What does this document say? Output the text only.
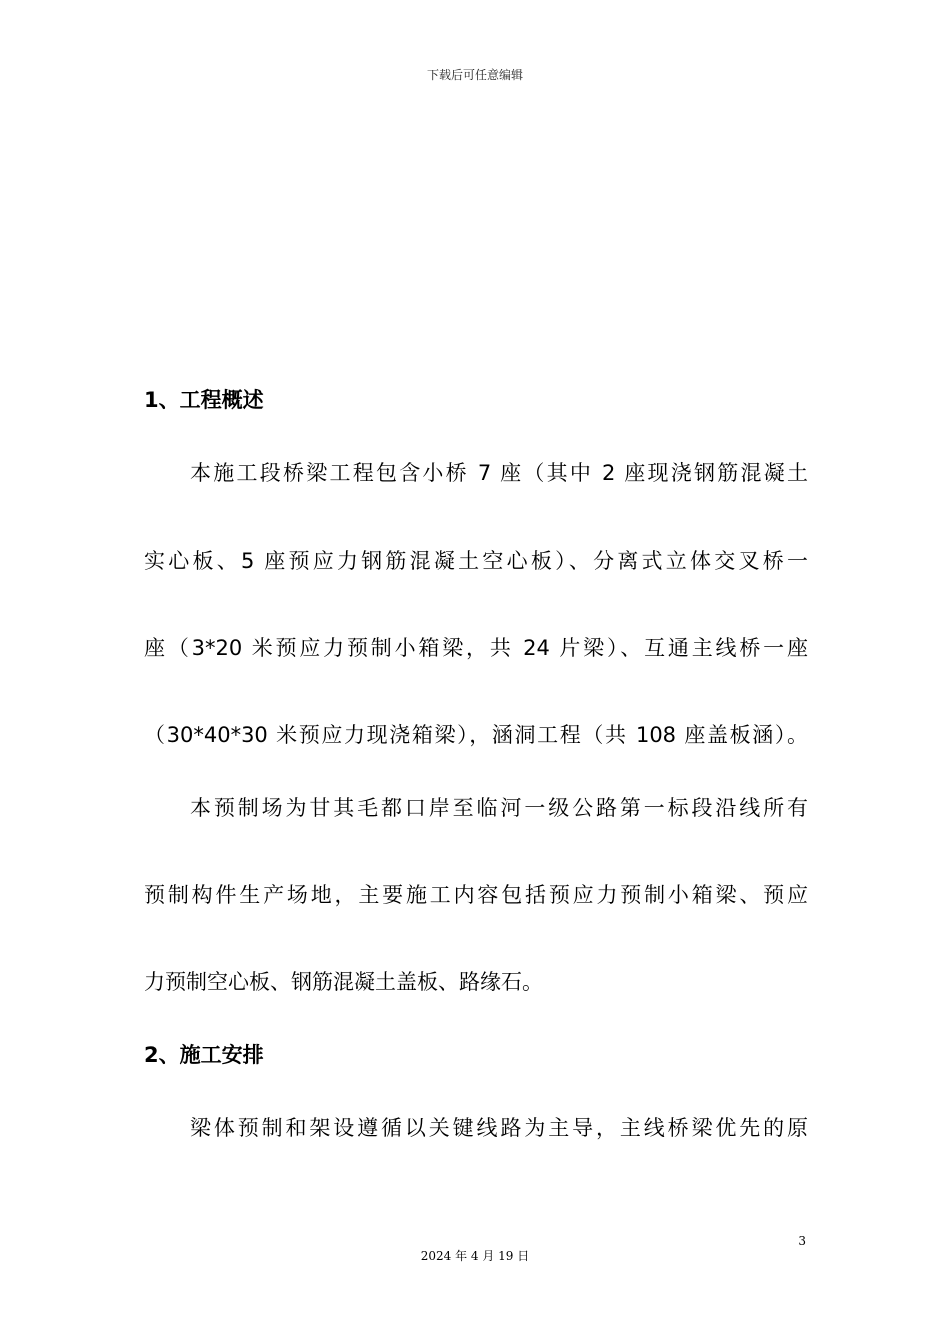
下载后可任意编辑
1、工程概述
本施工段桥梁工程包含小桥 7 座（其中 2 座现浇钢筋混凝土
实心板、5 座预应力钢筋混凝土空心板）、分离式立体交叉桥一
座（3*20 米预应力预制小箱梁，共 24 片梁）、互通主线桥一座
（30*40*30 米预应力现浇箱梁），涵洞工程（共 108 座盖板涵）。
本预制场为甘其毛都口岸至临河一级公路第一标段沿线所有
预制构件生产场地，主要施工内容包括预应力预制小箱梁、预应
力预制空心板、钢筋混凝土盖板、路缘石。
2、施工安排
梁体预制和架设遵循以关键线路为主导，主线桥梁优先的原
3
2024 年 4 月 19 日
